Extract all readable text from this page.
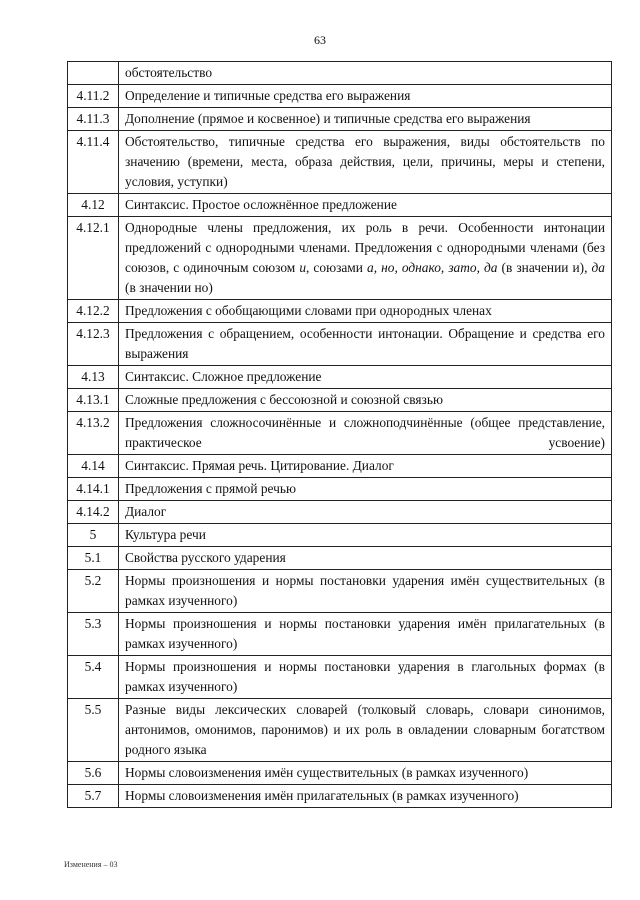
63
	обстоятельство
4.11.2	Определение и типичные средства его выражения
4.11.3	Дополнение (прямое и косвенное) и типичные средства его выражения
4.11.4	Обстоятельство, типичные средства его выражения, виды обстоятельств по значению (времени, места, образа действия, цели, причины, меры и степени, условия, уступки)
4.12	Синтаксис. Простое осложнённое предложение
4.12.1	Однородные члены предложения, их роль в речи. Особенности интонации предложений с однородными членами. Предложения с однородными членами (без союзов, с одиночным союзом и, союзами а, но, однако, зато, да (в значении и), да (в значении но)
4.12.2	Предложения с обобщающими словами при однородных членах
4.12.3	Предложения с обращением, особенности интонации. Обращение и средства его выражения
4.13	Синтаксис. Сложное предложение
4.13.1	Сложные предложения с бессоюзной и союзной связью
4.13.2	Предложения сложносочинённые и сложноподчинённые (общее представление, практическое усвоение)
4.14	Синтаксис. Прямая речь. Цитирование. Диалог
4.14.1	Предложения с прямой речью
4.14.2	Диалог
5	Культура речи
5.1	Свойства русского ударения
5.2	Нормы произношения и нормы постановки ударения имён существительных (в рамках изученного)
5.3	Нормы произношения и нормы постановки ударения имён прилагательных (в рамках изученного)
5.4	Нормы произношения и нормы постановки ударения в глагольных формах (в рамках изученного)
5.5	Разные виды лексических словарей (толковый словарь, словари синонимов, антонимов, омонимов, паронимов) и их роль в овладении словарным богатством родного языка
5.6	Нормы словоизменения имён существительных (в рамках изученного)
5.7	Нормы словоизменения имён прилагательных (в рамках изученного)
Изменения – 03
